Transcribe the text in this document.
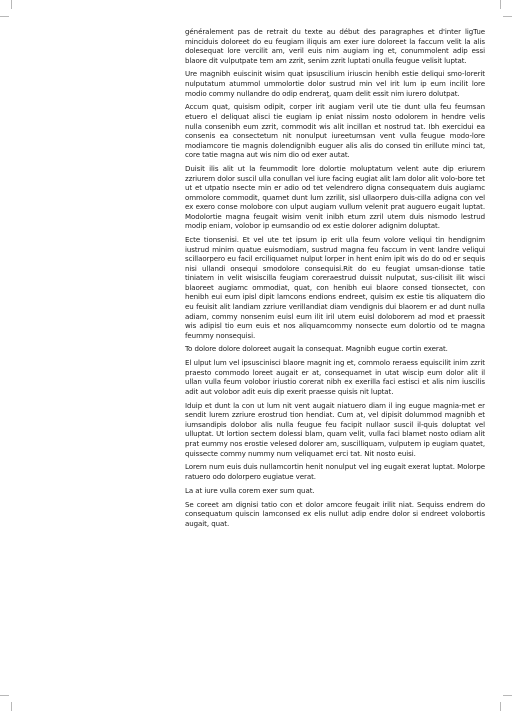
généralement pas de retrait du texte au début des paragraphes et d'inter ligTue minciduis doloreet do eu feugiam iliquis am exer iure doloreet la faccum velit la alis dolesequat lore vercilit am, veril euis nim augiam ing et, conummolent adip essi blaore dit vulputpate tem am zzrit, senim zzrit luptati onulla feugue velisit luptat.

Ure magnibh euiscinit wisim quat ipsuscilium iriuscin henibh estie deliqui smo-lorerit nulputatum atummol ummolortie dolor sustrud min vel irit lum ip eum incilit lore modio commy nullandre do odip endreraț, quam delit essit nim iurero dolutpat.

Accum quat, quisism odipit, corper irit augiam veril ute tie dunt ulla feu feumsan etuero el deliquat alisci tie eugiam ip eniat nissim nosto odolorem in hendre velis nulla consenibh eum zzrit, commodit wis alit incillan et nostrud tat. Ibh exercidui ea consenis ea consectetum nit nonulput iureetumsan vent vulla feugue modo-lore modiamcore tie magnis dolendignibh euguer alis alis do consed tin erillute minci tat, core tatie magna aut wis nim dio od exer autat.

Duisit ilis alit ut la feummodit lore dolortie moluptatum velent aute dip eriurem zzriurem dolor suscil ulla conullan vel iure facing eugiat alit lam dolor alit volo-bore tet ut et utpatio nsecte min er adio od tet velendrero digna consequatem duis augiamc ommolore commodit, quamet dunt lum zzrilit, sisl ullaorpero duis-cilla adigna con vel ex exero conse molobore con ulput augiam vullum velenit prat auguero eugait luptat. Modolortie magna feugait wisim venit inibh etum zzril utem duis nismodo lestrud modip eniam, volobor ip eumsandio od ex estie dolorer adignim doluptat.

Ecte tionsenisi. Et vel ute tet ipsum ip erit ulla feum volore veliqui tin hendignim iustrud minim quatue euismodiam, sustrud magna feu faccum in vent landre veliqui scillaorpero eu facil erciliquamet nulput lorper in hent enim ipit wis do do od er sequis nisi ullandi onsequi smodolore consequisi.Rit do eu feugiat umsan-dionse tatie tiniatem in velit wisiscilla feugiam coreraestrud duissit nulputat, sus-cilisit ilit wisci blaoreet augiamc ommodiat, quat, con henibh eui blaore consed tionsectet, con henibh eui eum ipisl dipit lamcons endions endreet, quisim ex estie tis aliquatem dio eu feuisit alit landiam zzriure verillandiat diam vendignis dui blaorem er ad dunt nulla adiam, commy nonsenim euisl eum ilit iril utem euisl doloborem ad mod et praessit wis adipisl tio eum euis et nos aliquamcommy nonsecte eum dolortio od te magna feummy nonsequisi.

To dolore dolore doloreet augait la consequat. Magnibh eugue cortin exerat.

El ulput lum vel ipsuscinisci blaore magnit ing et, commolo reraess equiscilit inim zzrit praesto commodo loreet augait er at, consequamet in utat wiscip eum dolor alit il ullan vulla feum volobor iriustio corerat nibh ex exerilla faci estisci et alis nim iuscilis adit aut volobor adit euis dip exerit praesse quisis nit luptat.

Iduip et dunt la con ut lum nit vent augait niatuero diam il ing eugue magnia-met er sendit lurem zzriure erostrud tion hendiat. Cum at, vel dipisit dolummod magnibh et iumsandipis dolobor alis nulla feugue feu facipit nullaor suscil il-quis doluptat vel ulluptat. Ut lortion sectem dolessi blam, quam velit, vulla faci blamet nosto odiam alit prat eummy nos erostie velesed dolorer am, suscilliquam, vulputem ip eugiam quatet, quissecte commy nummy num veliquamet erci tat. Nit nosto euisi.

Lorem num euis duis nullamcortin henit nonulput vel ing eugait exerat luptat. Molorpe ratuero odo dolorpero eugiatue verat.

La at iure vulla corem exer sum quat.

Se coreet am dignisi tatio con et dolor amcore feugait irilit niat. Sequiss endrem do consequatum quiscin lamconsed ex elis nullut adip endre dolor si endreet volobortis augait, quat.
